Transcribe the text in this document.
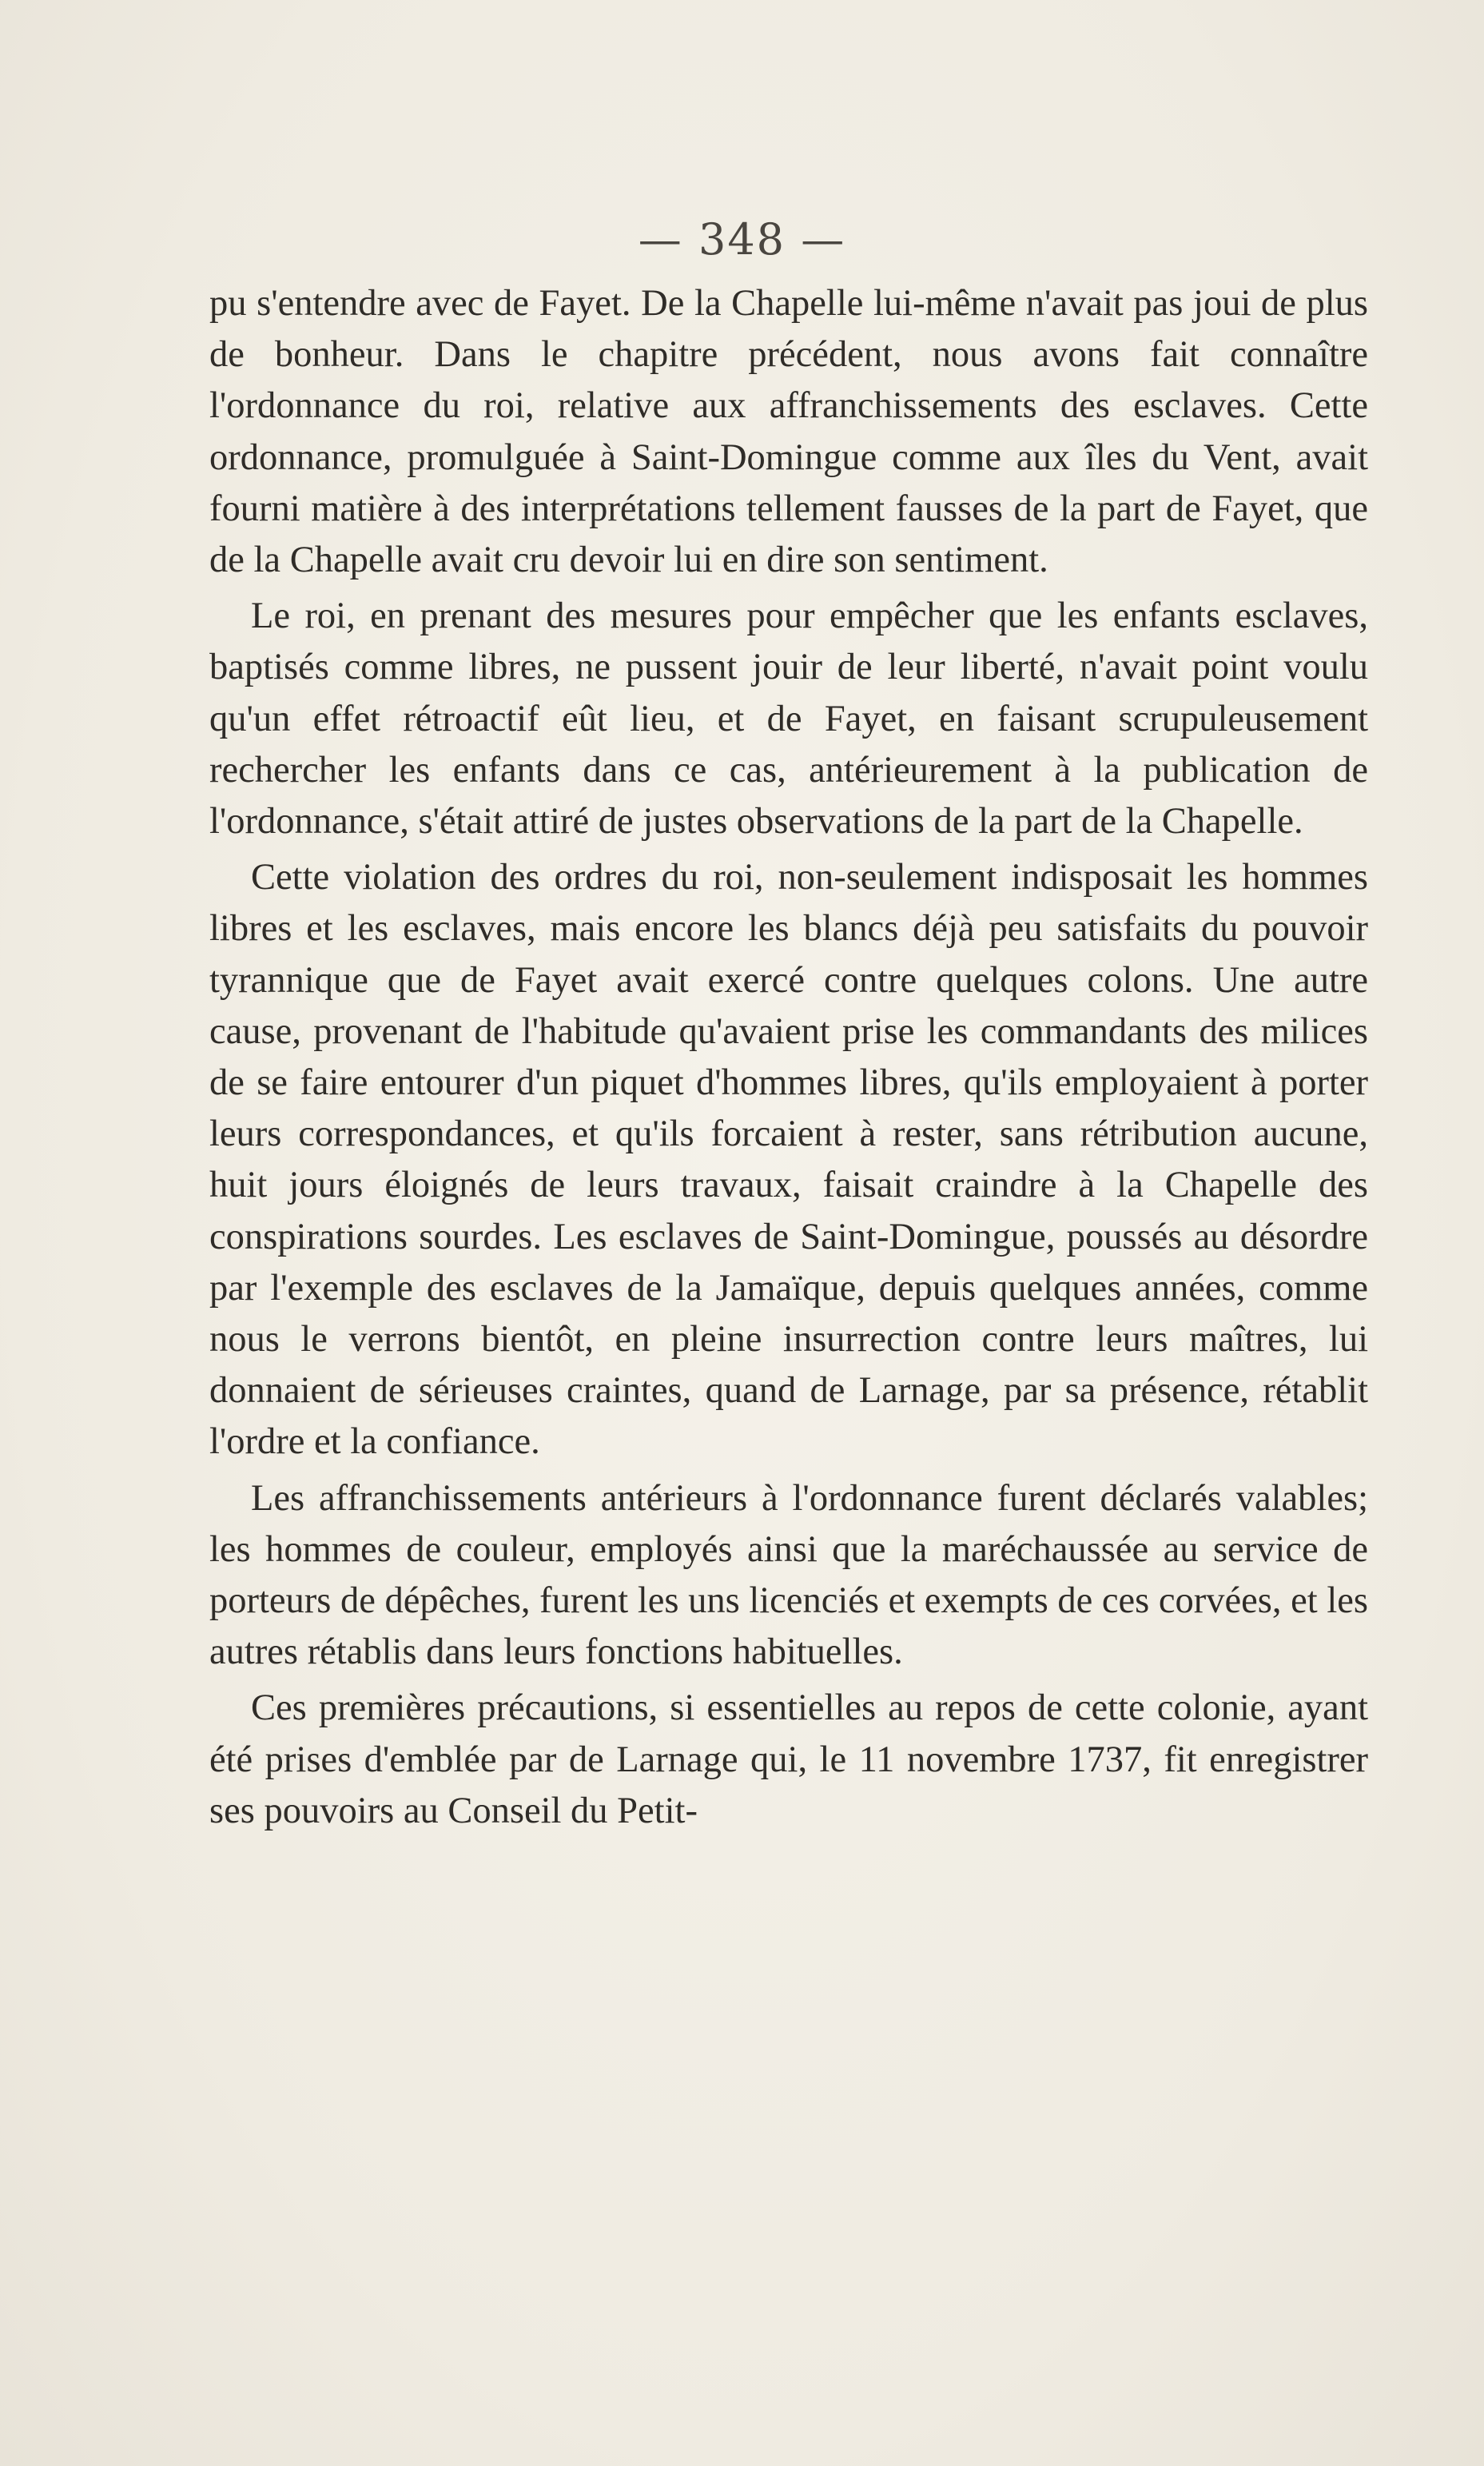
— 348 —

pu s'entendre avec de Fayet. De la Chapelle lui-même n'avait pas joui de plus de bonheur. Dans le chapitre précédent, nous avons fait connaître l'ordonnance du roi, relative aux affranchissements des esclaves. Cette ordonnance, promulguée à Saint-Domingue comme aux îles du Vent, avait fourni matière à des interprétations tellement fausses de la part de Fayet, que de la Chapelle avait cru devoir lui en dire son sentiment.

Le roi, en prenant des mesures pour empêcher que les enfants esclaves, baptisés comme libres, ne pussent jouir de leur liberté, n'avait point voulu qu'un effet rétroactif eût lieu, et de Fayet, en faisant scrupuleusement rechercher les enfants dans ce cas, antérieurement à la publication de l'ordonnance, s'était attiré de justes observations de la part de la Chapelle.

Cette violation des ordres du roi, non-seulement indisposait les hommes libres et les esclaves, mais encore les blancs déjà peu satisfaits du pouvoir tyrannique que de Fayet avait exercé contre quelques colons. Une autre cause, provenant de l'habitude qu'avaient prise les commandants des milices de se faire entourer d'un piquet d'hommes libres, qu'ils employaient à porter leurs correspondances, et qu'ils forcaient à rester, sans rétribution aucune, huit jours éloignés de leurs travaux, faisait craindre à la Chapelle des conspirations sourdes. Les esclaves de Saint-Domingue, poussés au désordre par l'exemple des esclaves de la Jamaïque, depuis quelques années, comme nous le verrons bientôt, en pleine insurrection contre leurs maîtres, lui donnaient de sérieuses craintes, quand de Larnage, par sa présence, rétablit l'ordre et la confiance.

Les affranchissements antérieurs à l'ordonnance furent déclarés valables; les hommes de couleur, employés ainsi que la maréchaussée au service de porteurs de dépêches, furent les uns licenciés et exempts de ces corvées, et les autres rétablis dans leurs fonctions habituelles.

Ces premières précautions, si essentielles au repos de cette colonie, ayant été prises d'emblée par de Larnage qui, le 11 novembre 1737, fit enregistrer ses pouvoirs au Conseil du Petit-
